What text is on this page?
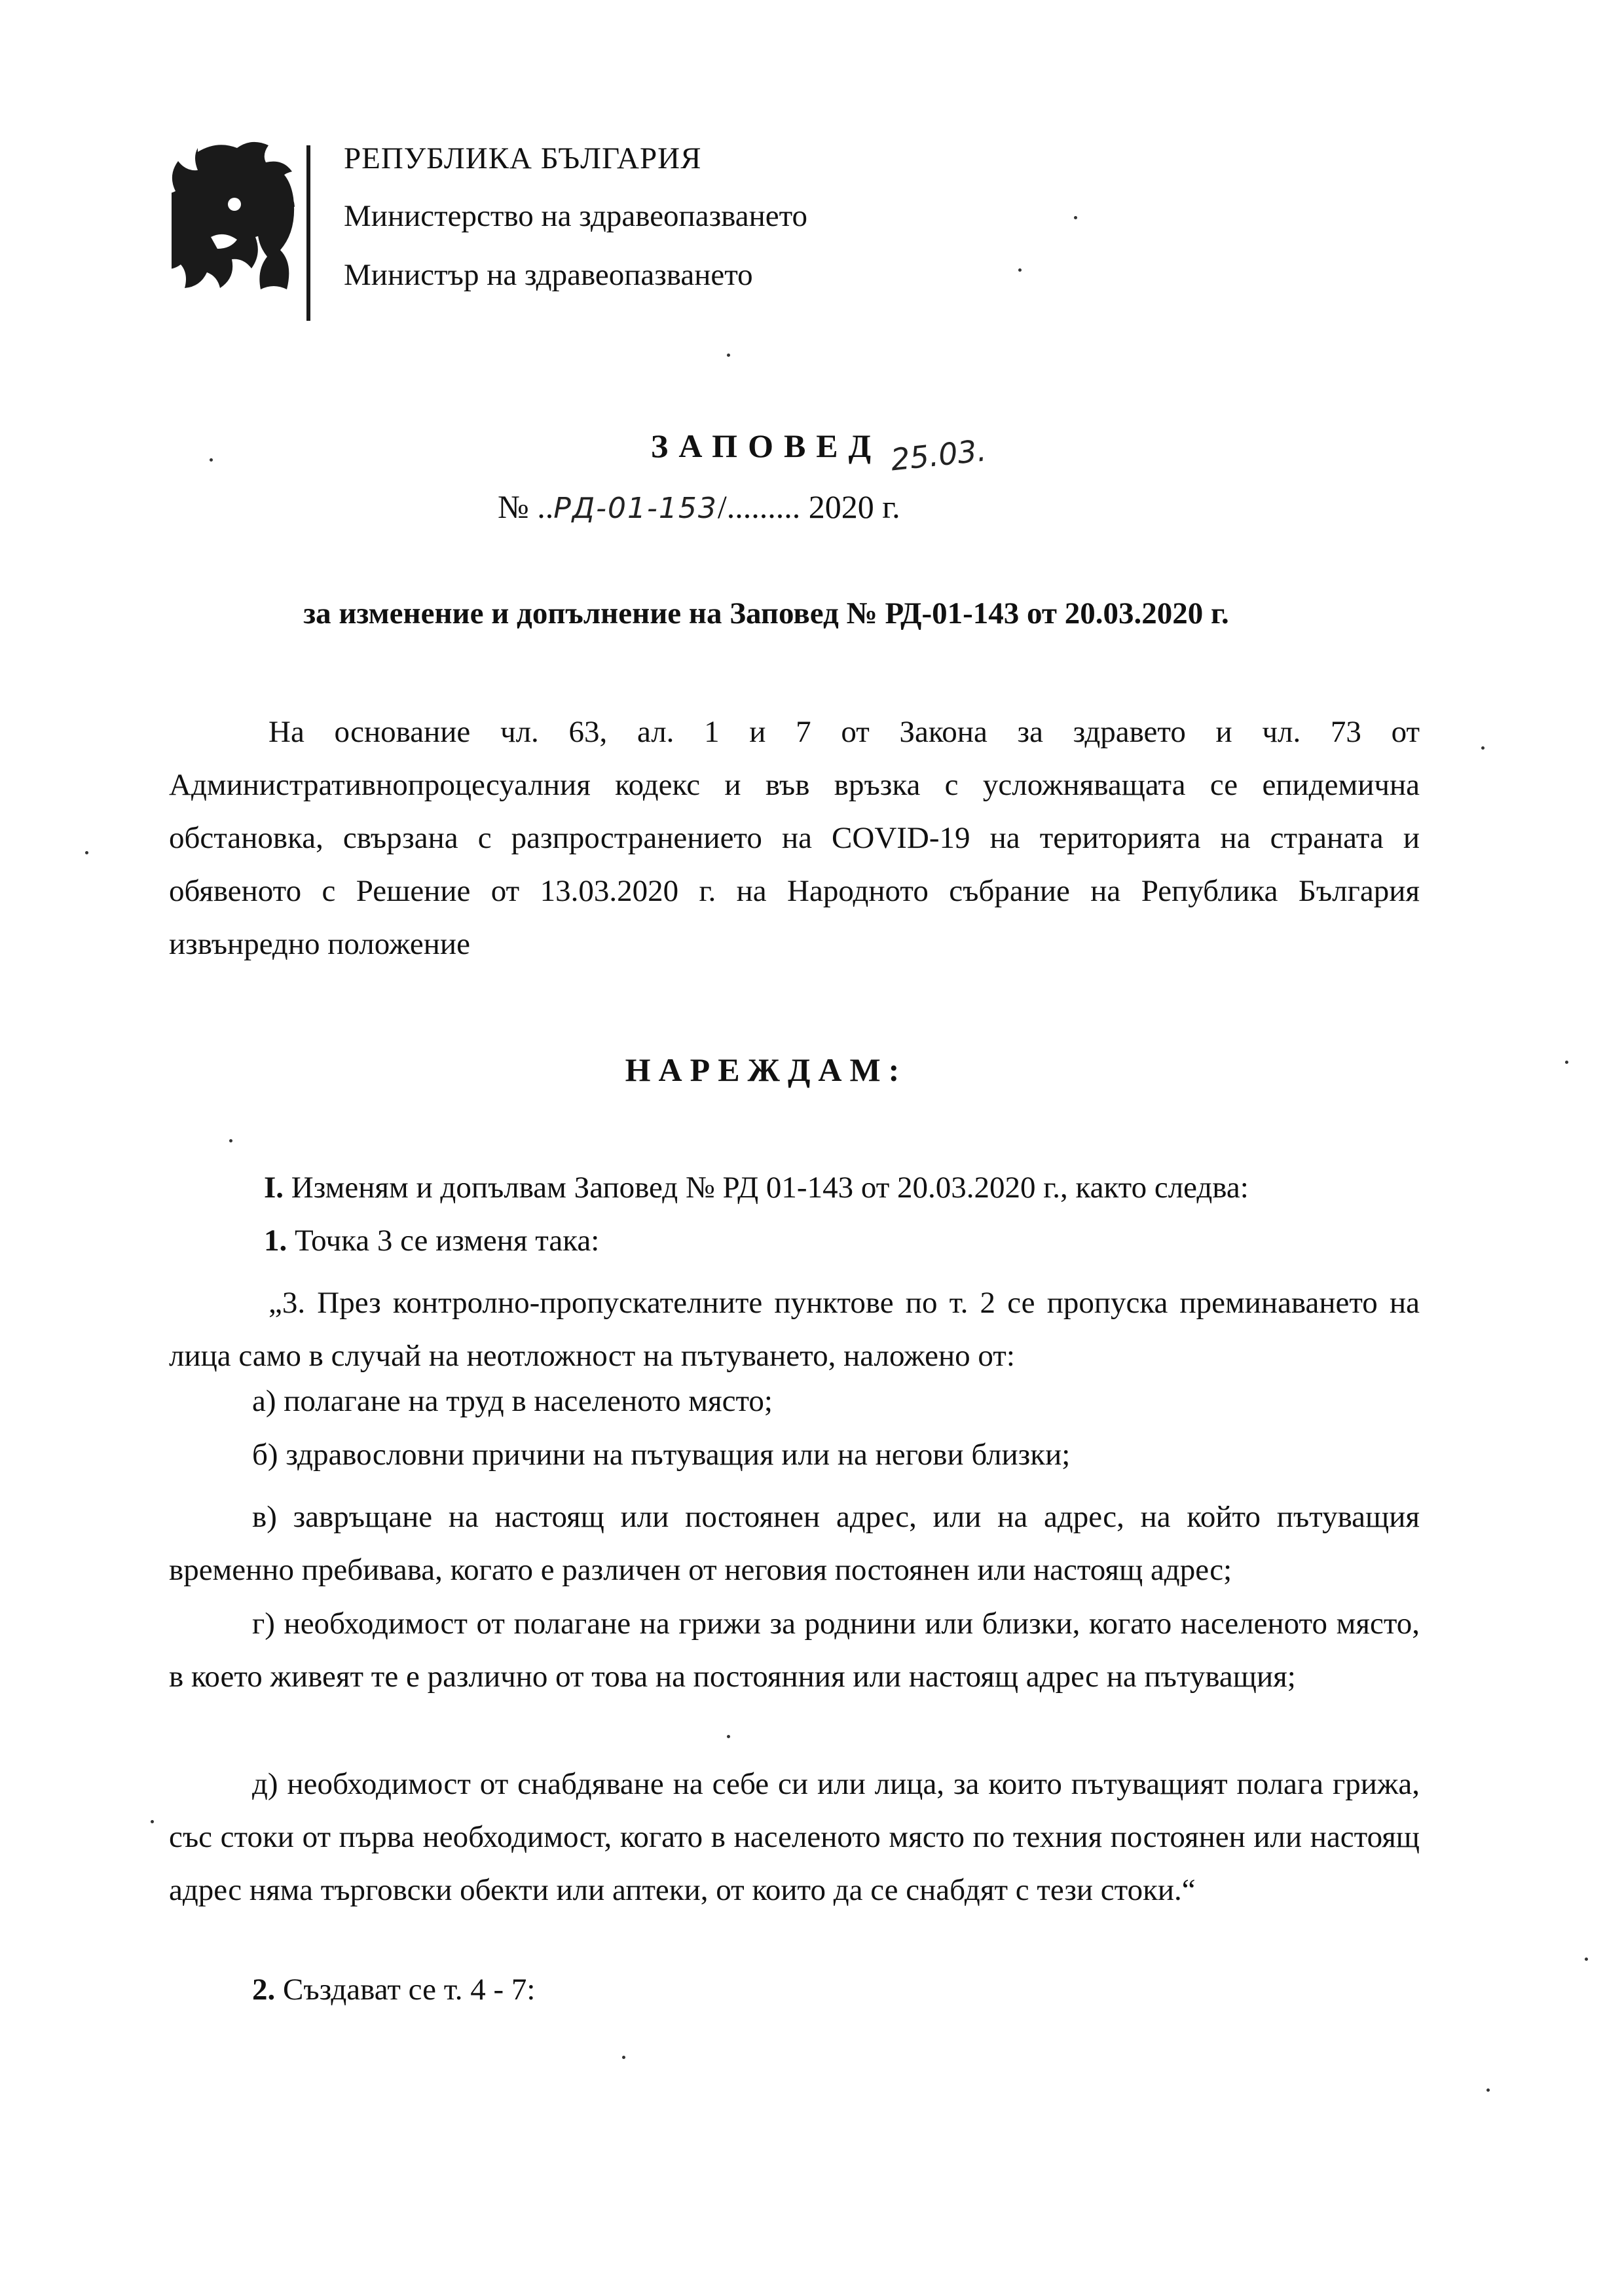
РЕПУБЛИКА БЪЛГАРИЯ
Министерство на здравеопазването
Министър на здравеопазването
ЗАПОВЕД 25.03.
№ ..РД-01-153/......... 2020 г.
за изменение и допълнение на Заповед № РД-01-143 от 20.03.2020 г.
На основание чл. 63, ал. 1 и 7 от Закона за здравето и чл. 73 от Административнопроцесуалния кодекс и във връзка с усложняващата се епидемична обстановка, свързана с разпространението на COVID-19 на територията на страната и обявеното с Решение от 13.03.2020 г. на Народното събрание на Република България извънредно положение
НАРЕЖДАМ:
I. Изменям и допълвам Заповед № РД 01-143 от 20.03.2020 г., както следва:
1. Точка 3 се изменя така:
„3. През контролно-пропускателните пунктове по т. 2 се пропуска преминаването на лица само в случай на неотложност на пътуването, наложено от:
а) полагане на труд в населеното място;
б) здравословни причини на пътуващия или на негови близки;
в) завръщане на настоящ или постоянен адрес, или на адрес, на който пътуващия временно пребивава, когато е различен от неговия постоянен или настоящ адрес;
г) необходимост от полагане на грижи за роднини или близки, когато населеното място, в което живеят те е различно от това на постоянния или настоящ адрес на пътуващия;
д) необходимост от снабдяване на себе си или лица, за които пътуващият полага грижа, със стоки от първа необходимост, когато в населеното място по техния постоянен или настоящ адрес няма търговски обекти или аптеки, от които да се снабдят с тези стоки.“
2. Създават се т. 4 - 7:
